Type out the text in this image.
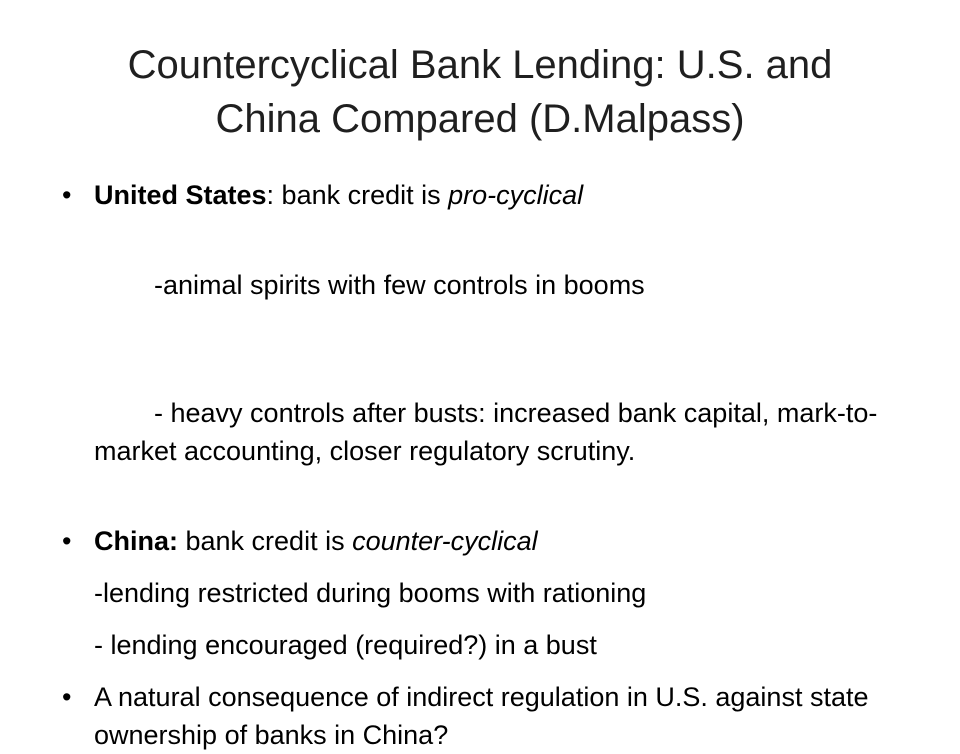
Countercyclical Bank Lending: U.S. and
China Compared (D.Malpass)

• United States: bank credit is pro-cyclical

-animal spirits with few controls in booms

- heavy controls after busts: increased bank capital, mark-to-market accounting, closer regulatory scrutiny.

• China: bank credit is counter-cyclical

-lending restricted during booms with rationing

- lending encouraged (required?) in a bust

• A natural consequence of indirect regulation in U.S. against state ownership of banks in China?
